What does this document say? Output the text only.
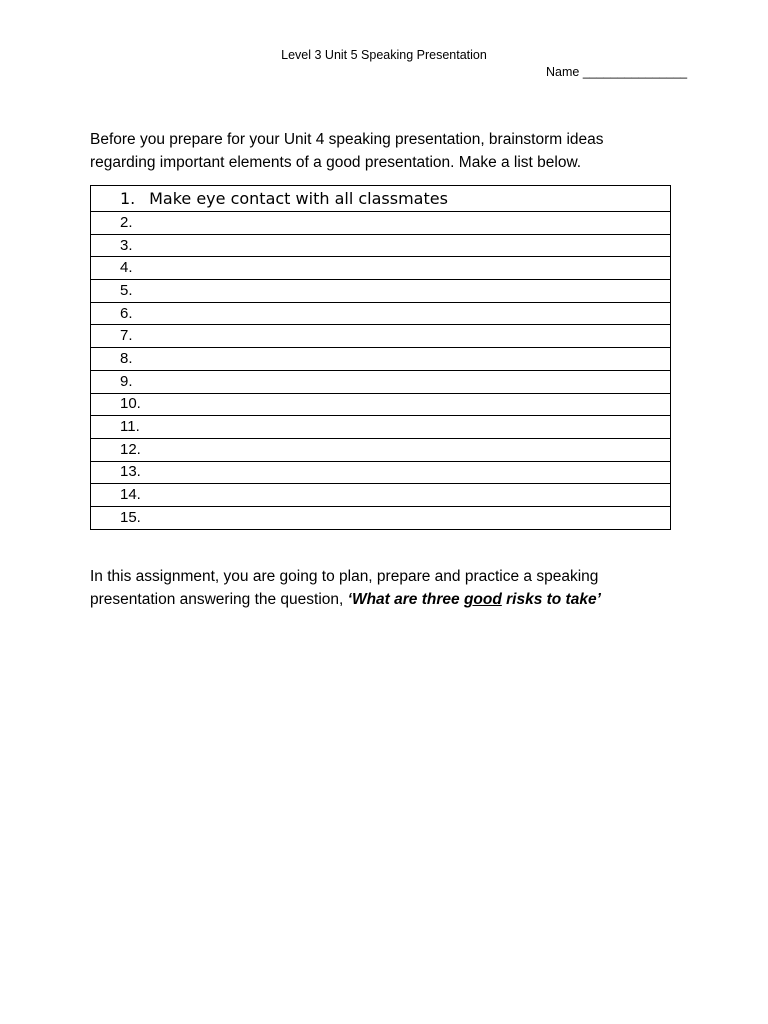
Level 3 Unit 5 Speaking Presentation
Name _______________

Before you prepare for your Unit 4 speaking presentation, brainstorm ideas

regarding important elements of a good presentation. Make a list below.

1. Make eye contact with all classmates
2.
3.
4.
5.
6.
7.
8.
9.
10.
11.
12.
13.
14.
15.

In this assignment, you are going to plan, prepare and practice a speaking

presentation answering the question, ‘What are three good risks to take’
